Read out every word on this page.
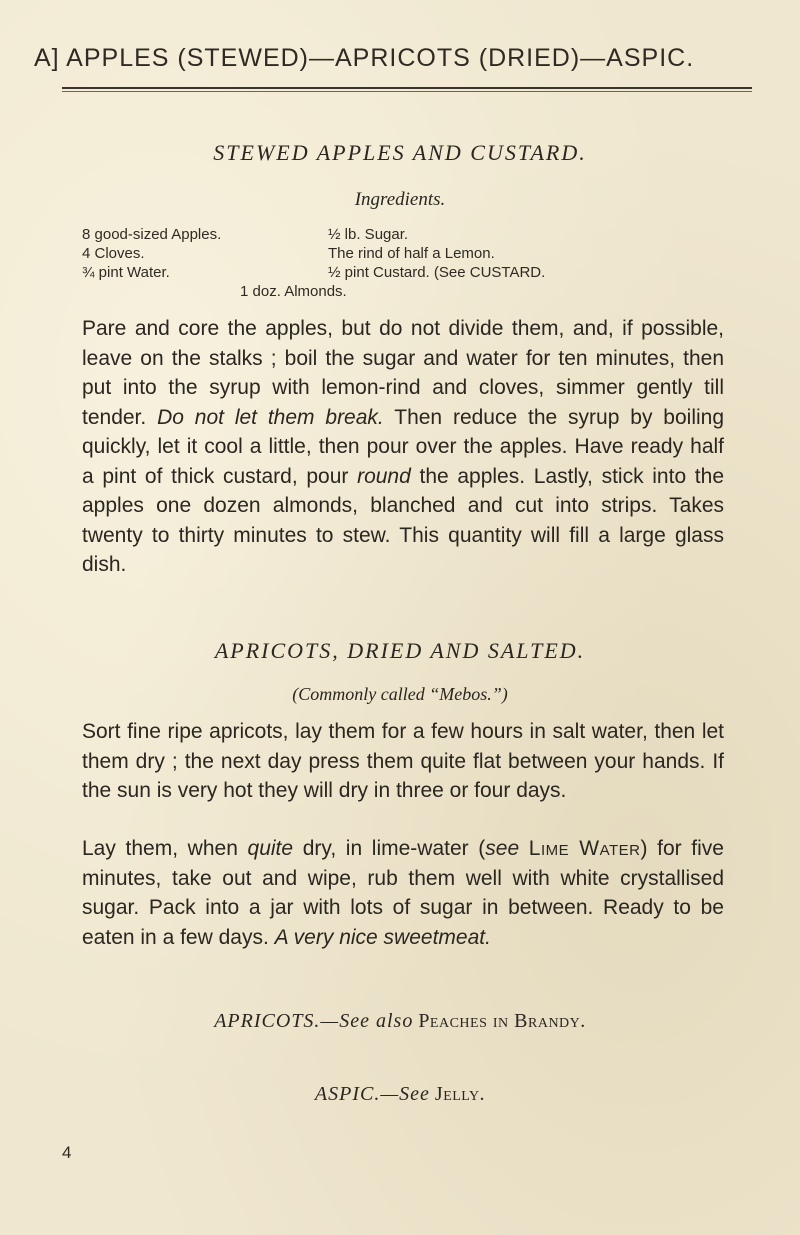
A] APPLES (STEWED)—APRICOTS (DRIED)—ASPIC.
STEWED APPLES AND CUSTARD.
Ingredients.
8 good-sized Apples.
4 Cloves.
¾ pint Water.
½ lb. Sugar.
The rind of half a Lemon.
½ pint Custard. (See CUSTARD.
1 doz. Almonds.

Pare and core the apples, but do not divide them, and, if possible, leave on the stalks ; boil the sugar and water for ten minutes, then put into the syrup with lemon-rind and cloves, simmer gently till tender. Do not let them break. Then reduce the syrup by boiling quickly, let it cool a little, then pour over the apples. Have ready half a pint of thick custard, pour round the apples. Lastly, stick into the apples one dozen almonds, blanched and cut into strips. Takes twenty to thirty minutes to stew. This quantity will fill a large glass dish.

APRICOTS, DRIED AND SALTED.
(Commonly called “Mebos.”)

Sort fine ripe apricots, lay them for a few hours in salt water, then let them dry ; the next day press them quite flat between your hands. If the sun is very hot they will dry in three or four days.

Lay them, when quite dry, in lime-water (see Lime Water) for five minutes, take out and wipe, rub them well with white crystallised sugar. Pack into a jar with lots of sugar in between. Ready to be eaten in a few days. A very nice sweetmeat.

APRICOTS.—See also Peaches in Brandy.
ASPIC.—See Jelly.
4
